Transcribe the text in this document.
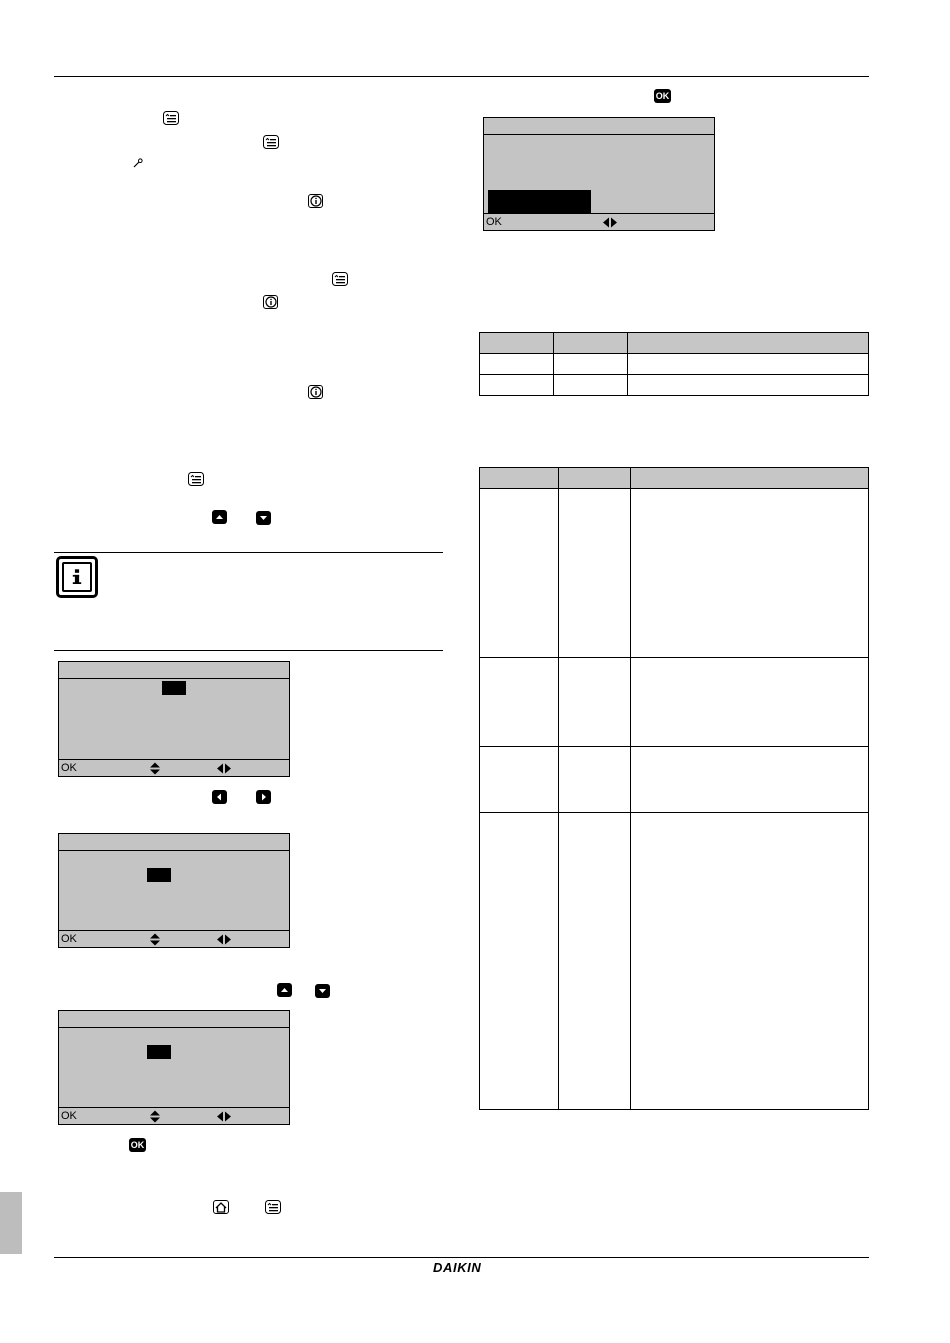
DAIKIN
OK
OK
OK
OK
OK
OK
